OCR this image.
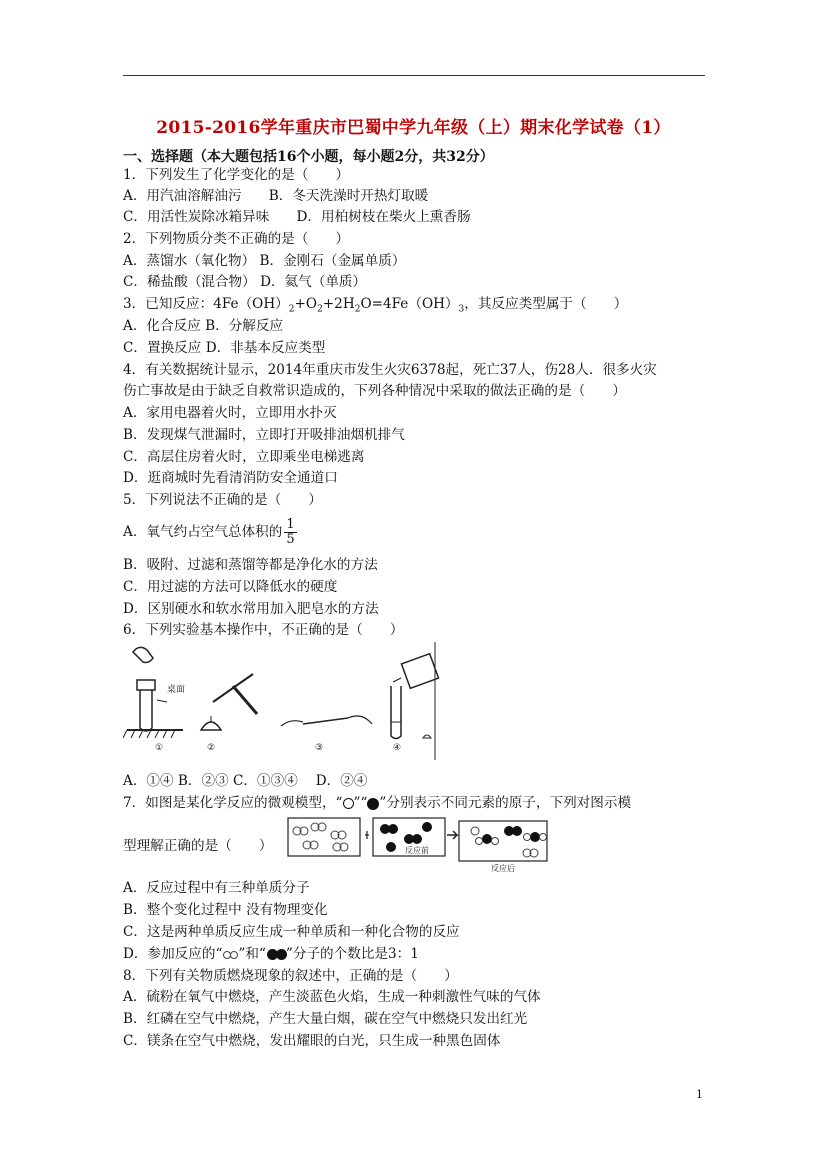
2015-2016学年重庆市巴蜀中学九年级（上）期末化学试卷（1）
一、选择题（本大题包括16个小题，每小题2分，共32分）
1．下列发生了化学变化的是（　　）
A．用汽油溶解油污　　B．冬天洗澡时开热灯取暖
C．用活性炭除冰箱异味　　D．用柏树枝在柴火上熏香肠
2．下列物质分类不正确的是（　　）
A．蒸馏水（氧化物） B．金刚石（金属单质）
C．稀盐酸（混合物） D．氦气（单质）
3．已知反应：$4Fe(OH)_2+O_2+2H_2O=4Fe(OH)_3$，其反应类型属于（　　）
A．化合反应 B．分解反应
C．置换反应 D．非基本反应类型
4．有关数据统计显示，2014年重庆市发生火灾6378起，死亡37人，伤28人．很多火灾
伤亡事故是由于缺乏自救常识造成的，下列各种情况中采取的做法正确的是（　　）
A．家用电器着火时，立即用水扑灭
B．发现煤气泄漏时，立即打开吸排油烟机排气
C．高层住房着火时，立即乘坐电梯逃离
D．逛商城时先看清消防安全通道口
5．下列说法不正确的是（　　）
A．氧气约占空气总体积的 $\frac{1}{5}$
B．吸附、过滤和蒸馏等都是净化水的方法
C．用过滤的方法可以降低水的硬度
D．区别硬水和软水常用加入肥皂水的方法
6．下列实验基本操作中，不正确的是（　　）
桌面
①	②	③	④
A．①④ B．②③ C．①③④　 D．②④
7．如图是某化学反应的微观模型，“ ”“ ”分别表示不同元素的原子，下列对图示模
型理解正确的是（　　）	反应前
反应后
A．反应过程中有三种单质分子
B．整个变化过程中 没有物理变化
C．这是两种单质反应生成一种单质和一种化合物的反应
D．参加反应的“ ”和“ ”分子的个数比是3：1
8．下列有关物质燃烧现象的叙述中，正确的是（　　）
A．硫粉在氧气中燃烧，产生淡蓝色火焰，生成一种刺激性气味的气体
B．红磷在空气中燃烧，产生大量白烟，碳在空气中燃烧只发出红光
C．镁条在空气中燃烧，发出耀眼的白光，只生成一种黑色固体
1
